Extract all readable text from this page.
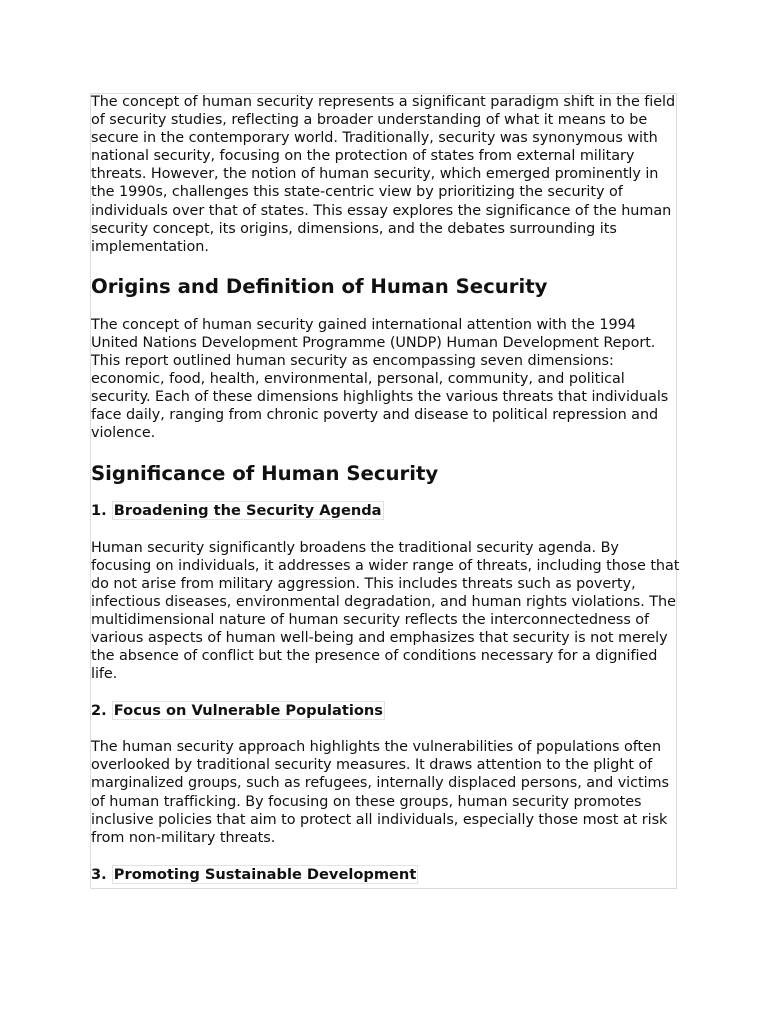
The concept of human security represents a significant paradigm shift in the field of security studies, reflecting a broader understanding of what it means to be secure in the contemporary world. Traditionally, security was synonymous with national security, focusing on the protection of states from external military threats. However, the notion of human security, which emerged prominently in the 1990s, challenges this state-centric view by prioritizing the security of individuals over that of states. This essay explores the significance of the human security concept, its origins, dimensions, and the debates surrounding its implementation.

Origins and Definition of Human Security

The concept of human security gained international attention with the 1994 United Nations Development Programme (UNDP) Human Development Report. This report outlined human security as encompassing seven dimensions: economic, food, health, environmental, personal, community, and political security. Each of these dimensions highlights the various threats that individuals face daily, ranging from chronic poverty and disease to political repression and violence.

Significance of Human Security
1. Broadening the Security Agenda

Human security significantly broadens the traditional security agenda. By focusing on individuals, it addresses a wider range of threats, including those that do not arise from military aggression. This includes threats such as poverty, infectious diseases, environmental degradation, and human rights violations. The multidimensional nature of human security reflects the interconnectedness of various aspects of human well-being and emphasizes that security is not merely the absence of conflict but the presence of conditions necessary for a dignified life.

2. Focus on Vulnerable Populations

The human security approach highlights the vulnerabilities of populations often overlooked by traditional security measures. It draws attention to the plight of marginalized groups, such as refugees, internally displaced persons, and victims of human trafficking. By focusing on these groups, human security promotes inclusive policies that aim to protect all individuals, especially those most at risk from non-military threats.

3. Promoting Sustainable Development
